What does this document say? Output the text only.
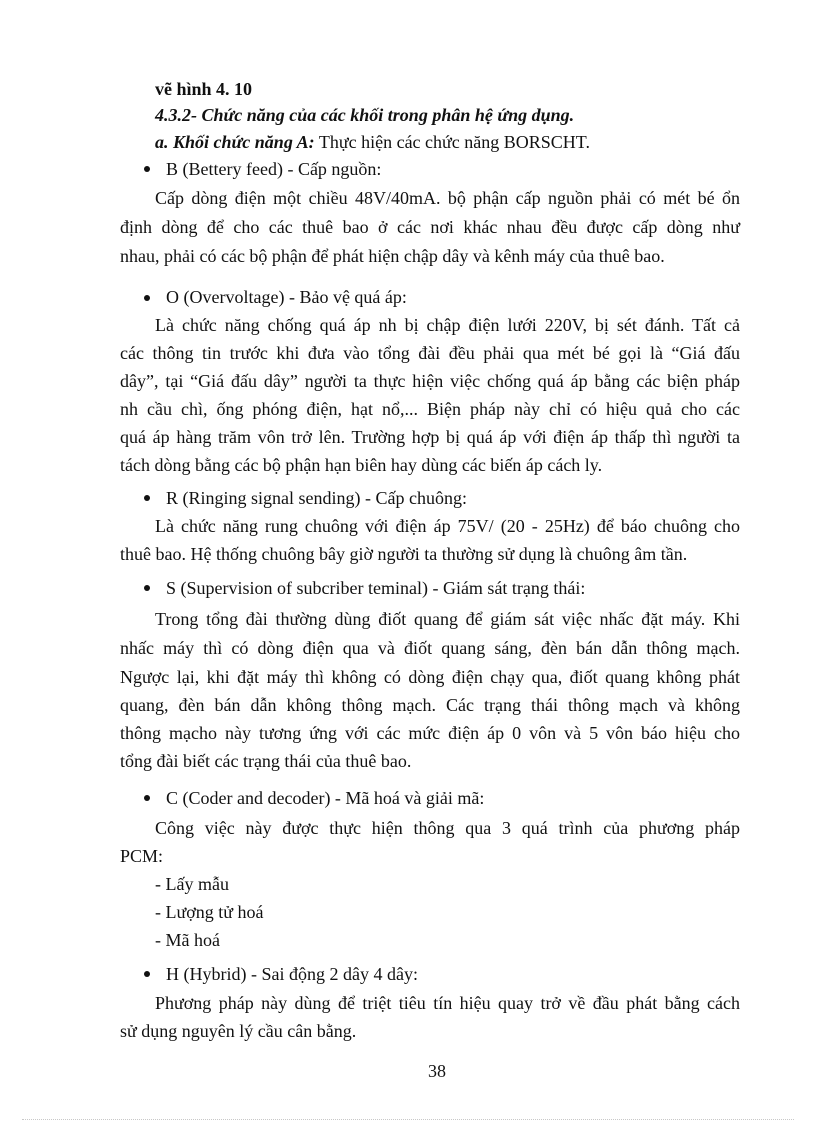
vẽ hình 4. 10

4.3.2- Chức năng của các khối trong phân hệ ứng dụng.

a. Khối chức năng A: Thực hiện các chức năng BORSCHT.

B (Bettery feed) - Cấp nguồn:

Cấp dòng điện một chiều 48V/40mA. bộ phận cấp nguồn phải có mét bé ổn

định dòng để cho các thuê bao ở các nơi khác nhau đều được cấp dòng như

nhau, phải có các bộ phận để phát hiện chập dây và kênh máy của thuê bao.

O (Overvoltage) - Bảo vệ quá áp:

Là chức năng chống quá áp nh bị chập điện lưới 220V, bị sét đánh. Tất cả

các thông tin trước khi đưa vào tổng đài đều phải qua mét bé gọi là “Giá đấu

dây”, tại “Giá đấu dây” người ta thực hiện việc chống quá áp bằng các biện pháp

nh cầu chì, ống phóng điện, hạt nổ,... Biện pháp này chỉ có hiệu quả cho các

quá áp hàng trăm vôn trở lên. Trường hợp bị quá áp với điện áp thấp thì người ta

tách dòng bằng các bộ phận hạn biên hay dùng các biến áp cách ly.

R (Ringing signal sending) - Cấp chuông:

Là chức năng rung chuông với điện áp 75V/ (20 - 25Hz) để báo chuông cho

thuê bao. Hệ thống chuông bây giờ người ta thường sử dụng là chuông âm tần.

S (Supervision of subcriber teminal) - Giám sát trạng thái:

Trong tổng đài thường dùng điốt quang để giám sát việc nhấc đặt máy. Khi

nhấc máy thì có dòng điện qua và điốt quang sáng, đèn bán dẫn thông mạch.

Ngược lại, khi đặt máy thì không có dòng điện chạy qua, điốt quang không phát

quang, đèn bán dẫn không thông mạch. Các trạng thái thông mạch và không

thông mạcho này tương ứng với các mức điện áp 0 vôn và 5 vôn báo hiệu cho

tổng đài biết các trạng thái của thuê bao.

C (Coder and decoder) - Mã hoá và giải mã:

Công việc này được thực hiện thông qua 3 quá trình của phương pháp

PCM:

- Lấy mẫu

- Lượng tử hoá

- Mã hoá

H (Hybrid) - Sai động 2 dây 4 dây:

Phương pháp này dùng để triệt tiêu tín hiệu quay trở về đầu phát bằng cách

sử dụng nguyên lý cầu cân bằng.

38
